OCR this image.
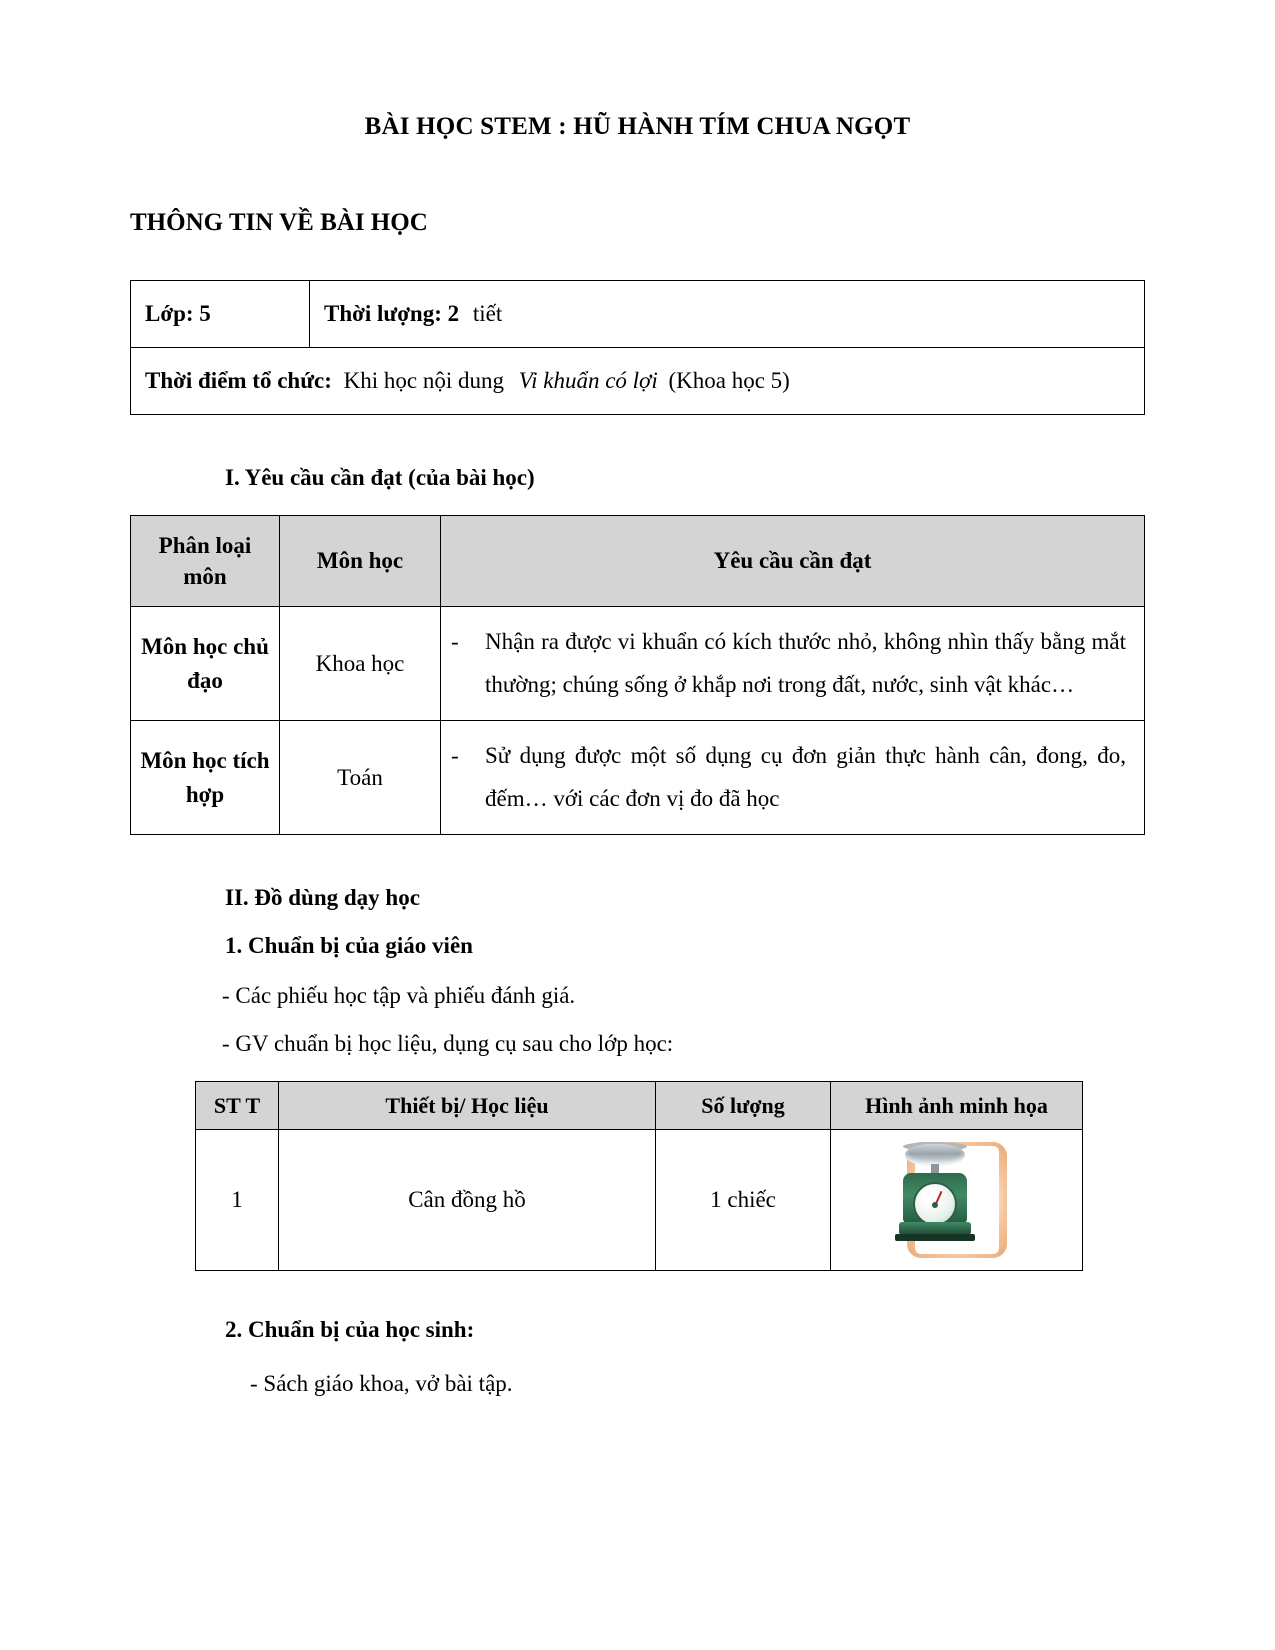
BÀI HỌC STEM : HŨ HÀNH TÍM CHUA NGỌT
THÔNG TIN VỀ BÀI HỌC
Lớp: 5	Thời lượng: 2 tiết
Thời điểm tổ chức: Khi học nội dung Vi khuẩn có lợi (Khoa học 5)
I. Yêu cầu cần đạt (của bài học)
Phân loại môn	Môn học	Yêu cầu cần đạt
Môn học chủ đạo	Khoa học	- Nhận ra được vi khuẩn có kích thước nhỏ, không nhìn thấy bằng mắt thường; chúng sống ở khắp nơi trong đất, nước, sinh vật khác…

Môn học tích hợp	Toán	- Sử dụng được một số dụng cụ đơn giản thực hành cân, đong, đo, đếm… với các đơn vị đo đã học
II. Đồ dùng dạy học

1. Chuẩn bị của giáo viên

- Các phiếu học tập và phiếu đánh giá.

- GV chuẩn bị học liệu, dụng cụ sau cho lớp học:

ST T	Thiết bị/ Học liệu	Số lượng	Hình ảnh minh họa
1	Cân đồng hồ	1 chiếc	

2. Chuẩn bị của học sinh:

- Sách giáo khoa, vở bài tập.
